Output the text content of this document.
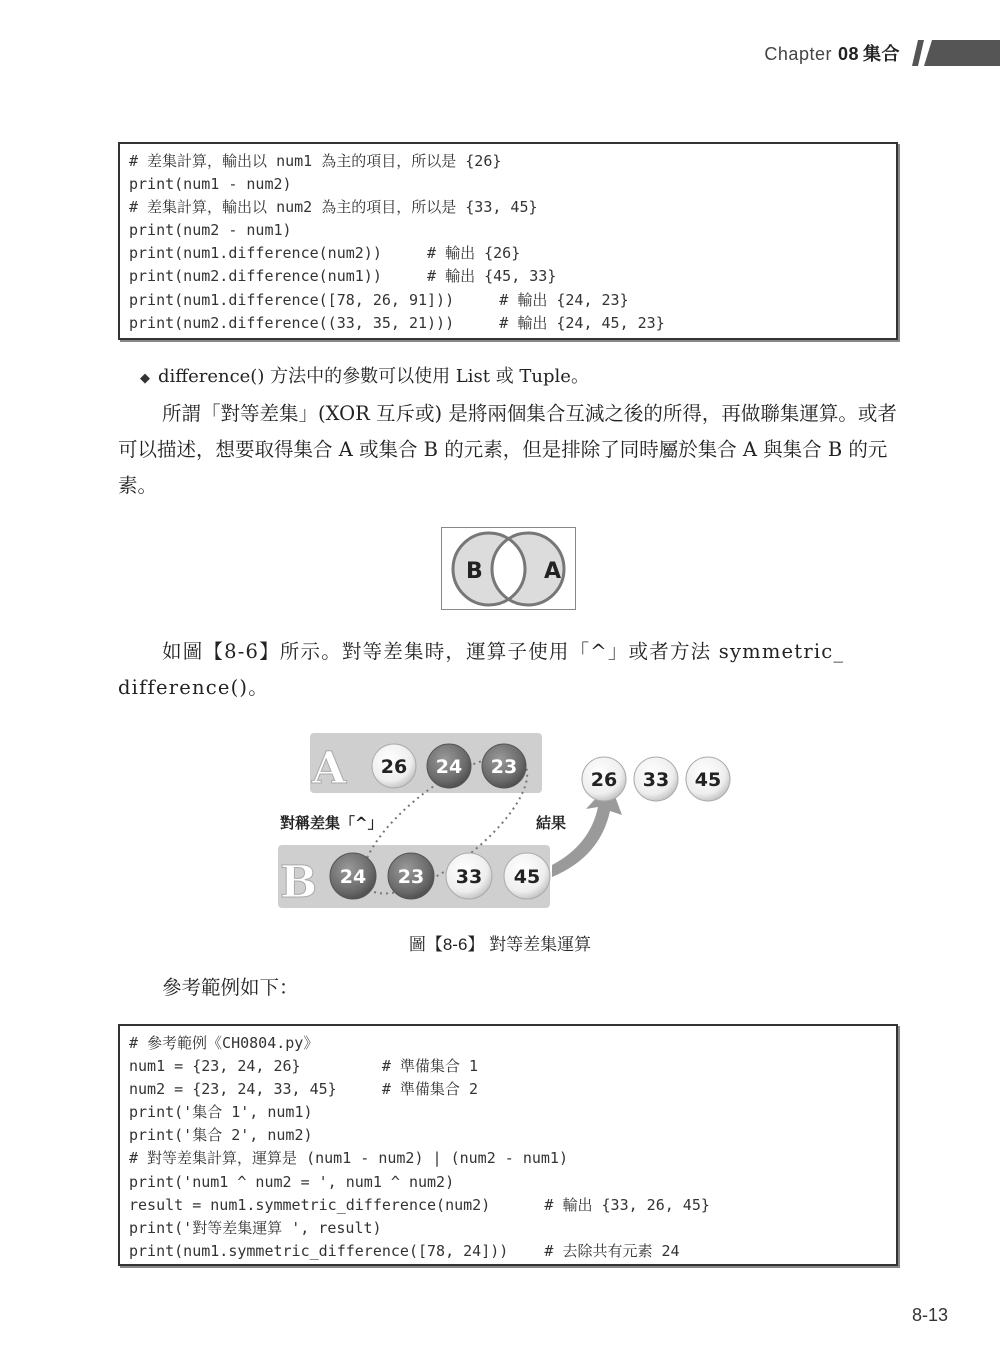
Chapter 08 集合
# 差集計算，輸出以 num1 為主的項目，所以是 {26}
print(num1 - num2)
# 差集計算，輸出以 num2 為主的項目，所以是 {33, 45}
print(num2 - num1)
print(num1.difference(num2))     # 輸出 {26}
print(num2.difference(num1))     # 輸出 {45, 33}
print(num1.difference([78, 26, 91]))     # 輸出 {24, 23}
print(num2.difference((33, 35, 21)))     # 輸出 {24, 45, 23}
◆ difference() 方法中的參數可以使用 List 或 Tuple。
所謂「對等差集」(XOR 互斥或) 是將兩個集合互減之後的所得，再做聯集運算。或者可以描述，想要取得集合 A 或集合 B 的元素，但是排除了同時屬於集合 A 與集合 B 的元素。
B	A
如圖【8-6】所示。對等差集時，運算子使用「^」或者方法 symmetric_ difference()。
A
B
對稱差集「^」	結果
26 24 23
24 23 33 45
26 33 45
圖【8-6】 對等差集運算
參考範例如下：
# 參考範例《CH0804.py》
num1 = {23, 24, 26}         # 準備集合 1
num2 = {23, 24, 33, 45}     # 準備集合 2
print('集合 1', num1)
print('集合 2', num2)
# 對等差集計算，運算是 (num1 - num2) | (num2 - num1)
print('num1 ^ num2 = ', num1 ^ num2)
result = num1.symmetric_difference(num2)      # 輸出 {33, 26, 45}
print('對等差集運算 ', result)
print(num1.symmetric_difference([78, 24]))    # 去除共有元素 24
8-13
